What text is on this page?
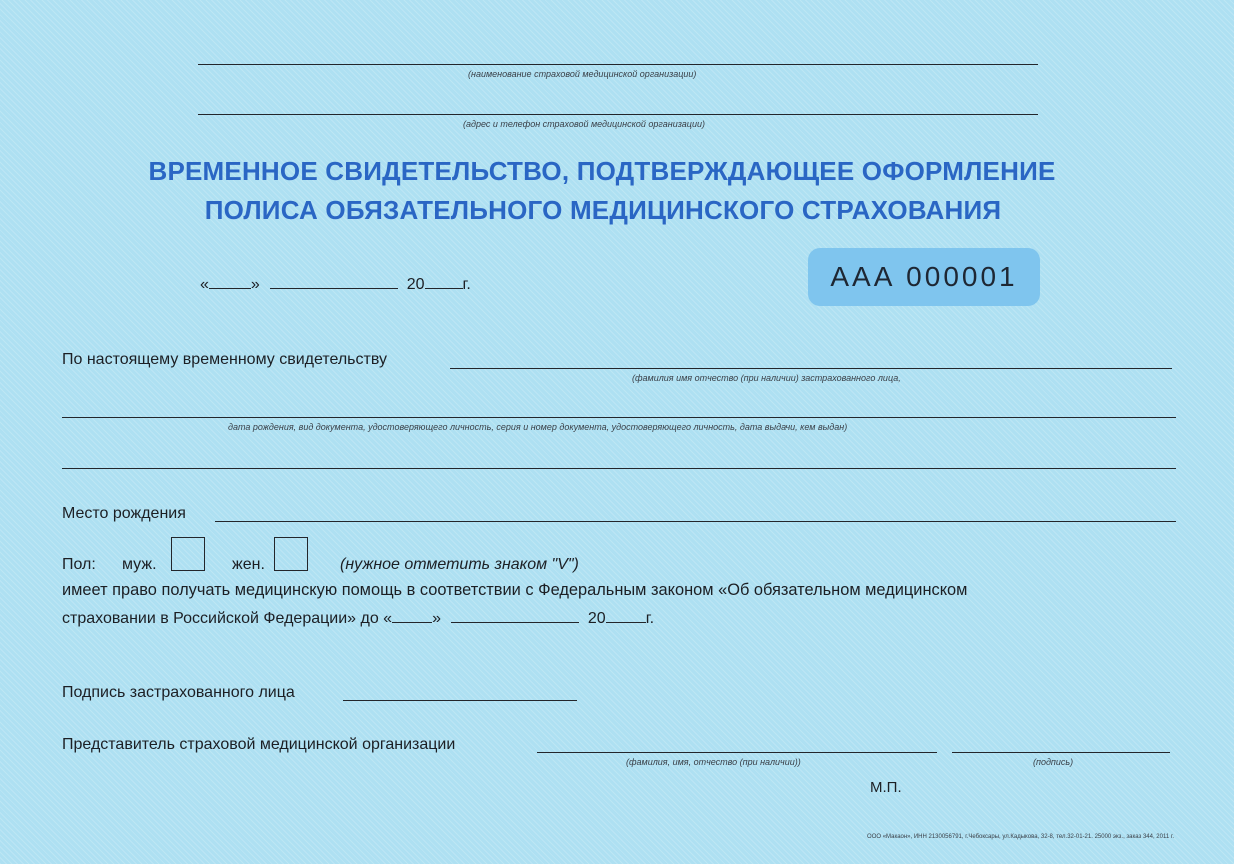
(наименование страховой медицинской организации)
(адрес и телефон страховой медицинской организации)
ВРЕМЕННОЕ СВИДЕТЕЛЬСТВО, ПОДТВЕРЖДАЮЩЕЕ ОФОРМЛЕНИЕ
ПОЛИСА ОБЯЗАТЕЛЬНОГО МЕДИЦИНСКОГО СТРАХОВАНИЯ
«	»	20 г.	ААА 000001
По настоящему временному свидетельству
(фамилия имя отчество (при наличии) застрахованного лица,
дата рождения, вид документа, удостоверяющего личность, серия и номер документа, удостоверяющего личность, дата выдачи, кем выдан)
Место рождения
Пол: муж.	жен.	(нужное отметить знаком "V")
имеет право получать медицинскую помощь в соответствии с Федеральным законом «Об обязательном медицинском
страховании в Российской Федерации» до «	»	20	г.
Подпись застрахованного лица
Представитель страховой медицинской организации
(фамилия, имя, отчество (при наличии))	(подпись)
М.П.
ООО «Макаон», ИНН 2130056791, г.Чебоксары, ул.Кадыкова, 32-8, тел.32-01-21. 25000 экз., заказ 344, 2011 г.
